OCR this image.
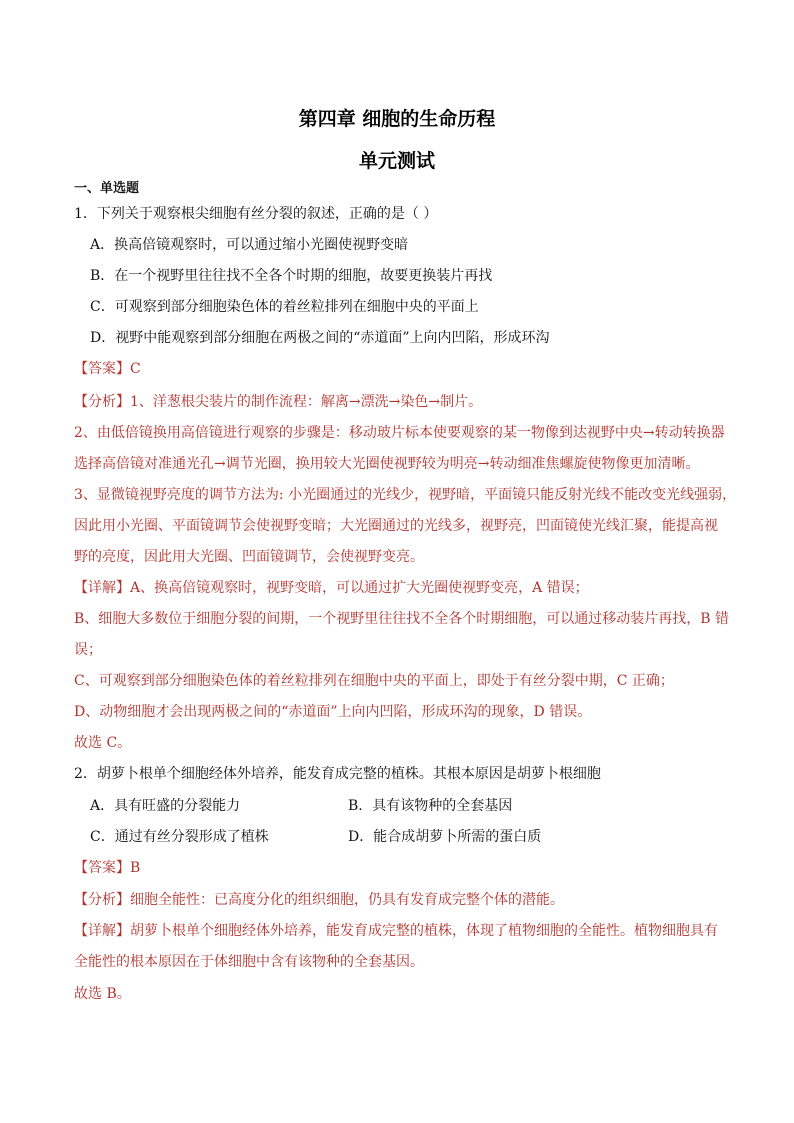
第四章 细胞的生命历程
单元测试
一、单选题
1．下列关于观察根尖细胞有丝分裂的叙述，正确的是（ ）
A．换高倍镜观察时，可以通过缩小光圈使视野变暗
B．在一个视野里往往找不全各个时期的细胞，故要更换装片再找
C．可观察到部分细胞染色体的着丝粒排列在细胞中央的平面上
D．视野中能观察到部分细胞在两极之间的“赤道面”上向内凹陷，形成环沟
【答案】C
【分析】1、洋葱根尖装片的制作流程：解离→漂洗→染色→制片。
2、由低倍镜换用高倍镜进行观察的步骤是：移动玻片标本使要观察的某一物像到达视野中央→转动转换器
选择高倍镜对准通光孔→调节光圈，换用较大光圈使视野较为明亮→转动细准焦螺旋使物像更加清晰。
3、显微镜视野亮度的调节方法为: 小光圈通过的光线少，视野暗，平面镜只能反射光线不能改变光线强弱，
因此用小光圈、平面镜调节会使视野变暗；大光圈通过的光线多，视野亮，凹面镜使光线汇聚，能提高视
野的亮度，因此用大光圈、凹面镜调节，会使视野变亮。
【详解】A、换高倍镜观察时，视野变暗，可以通过扩大光圈使视野变亮，A 错误；
B、细胞大多数位于细胞分裂的间期，一个视野里往往找不全各个时期细胞，可以通过移动装片再找，B 错
误；
C、可观察到部分细胞染色体的着丝粒排列在细胞中央的平面上，即处于有丝分裂中期，C 正确；
D、动物细胞才会出现两极之间的“赤道面”上向内凹陷，形成环沟的现象，D 错误。
故选 C。
2．胡萝卜根单个细胞经体外培养，能发育成完整的植株。其根本原因是胡萝卜根细胞
A．具有旺盛的分裂能力	B．具有该物种的全套基因
C．通过有丝分裂形成了植株	D．能合成胡萝卜所需的蛋白质
【答案】B
【分析】细胞全能性：已高度分化的组织细胞，仍具有发育成完整个体的潜能。
【详解】胡萝卜根单个细胞经体外培养，能发育成完整的植株，体现了植物细胞的全能性。植物细胞具有
全能性的根本原因在于体细胞中含有该物种的全套基因。
故选 B。
